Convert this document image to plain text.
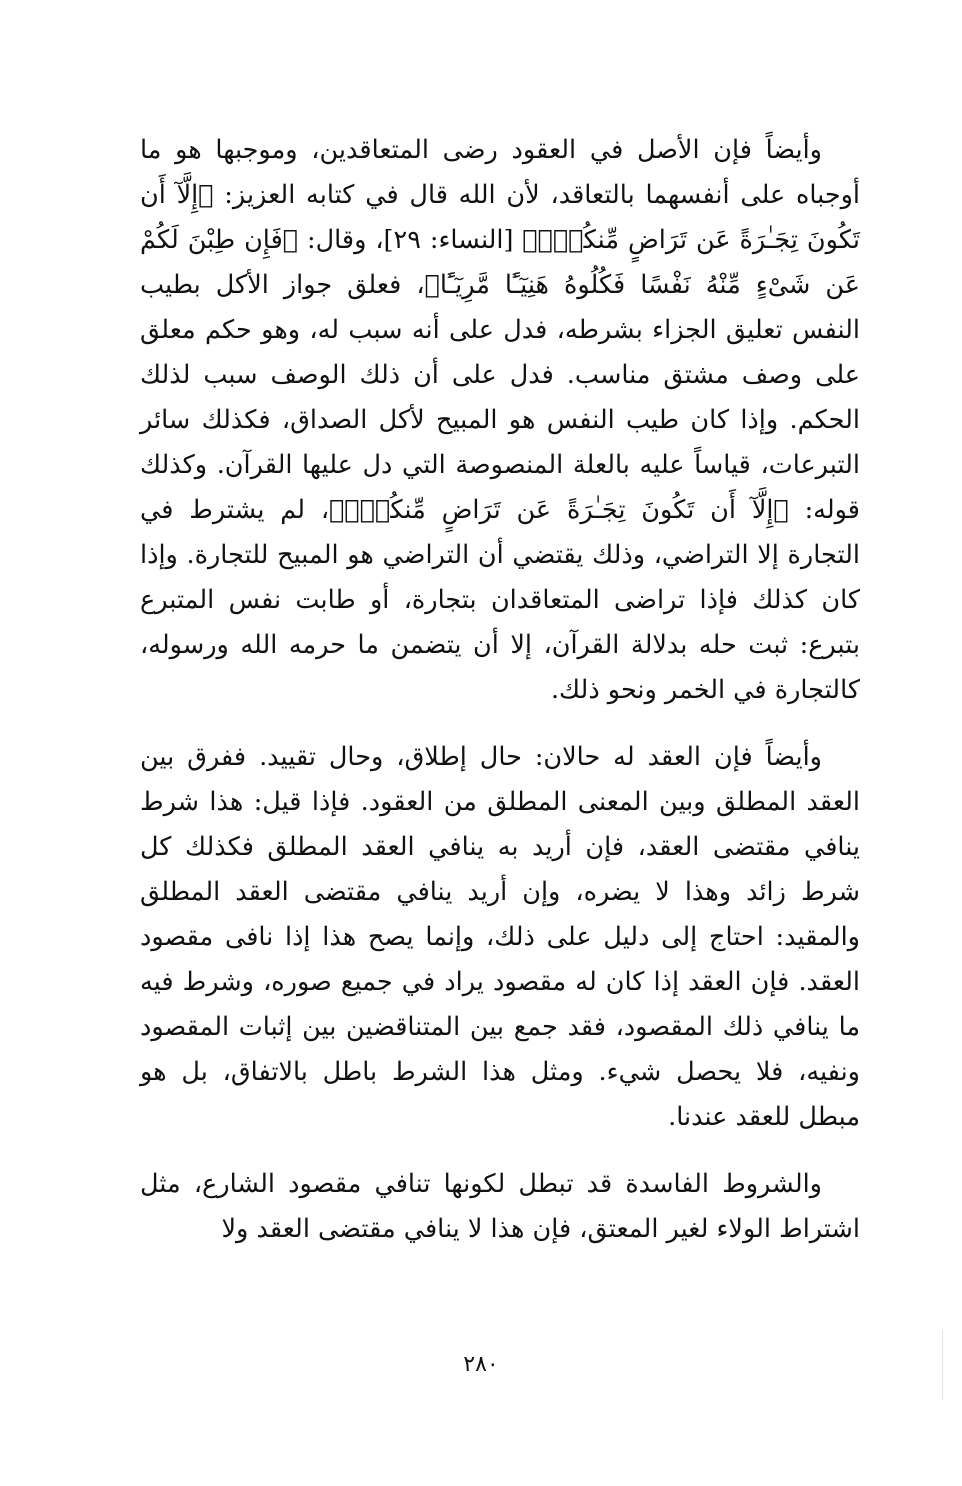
وأيضاً فإن الأصل في العقود رضى المتعاقدين، وموجبها هو ما أوجباه على أنفسهما بالتعاقد، لأن الله قال في كتابه العزيز: ﴿إِلَّآ أَن تَكُونَ تِجَـٰرَةً عَن تَرَاضٍ مِّنكُمْۚ﴾ [النساء: ٢٩]، وقال: ﴿فَإِن طِبْنَ لَكُمْ عَن شَىْءٍ مِّنْهُ نَفْسًا فَكُلُوهُ هَنِيٓـًٔا مَّرِيٓـًٔا﴾، فعلق جواز الأكل بطيب النفس تعليق الجزاء بشرطه، فدل على أنه سبب له، وهو حكم معلق على وصف مشتق مناسب. فدل على أن ذلك الوصف سبب لذلك الحكم. وإذا كان طيب النفس هو المبيح لأكل الصداق، فكذلك سائر التبرعات، قياساً عليه بالعلة المنصوصة التي دل عليها القرآن. وكذلك قوله: ﴿إِلَّآ أَن تَكُونَ تِجَـٰرَةً عَن تَرَاضٍ مِّنكُمْۚ﴾، لم يشترط في التجارة إلا التراضي، وذلك يقتضي أن التراضي هو المبيح للتجارة. وإذا كان كذلك فإذا تراضى المتعاقدان بتجارة، أو طابت نفس المتبرع بتبرع: ثبت حله بدلالة القرآن، إلا أن يتضمن ما حرمه الله ورسوله، كالتجارة في الخمر ونحو ذلك.

وأيضاً فإن العقد له حالان: حال إطلاق، وحال تقييد. ففرق بين العقد المطلق وبين المعنى المطلق من العقود. فإذا قيل: هذا شرط ينافي مقتضى العقد، فإن أريد به ينافي العقد المطلق فكذلك كل شرط زائد وهذا لا يضره، وإن أريد ينافي مقتضى العقد المطلق والمقيد: احتاج إلى دليل على ذلك، وإنما يصح هذا إذا نافى مقصود العقد. فإن العقد إذا كان له مقصود يراد في جميع صوره، وشرط فيه ما ينافي ذلك المقصود، فقد جمع بين المتناقضين بين إثبات المقصود ونفيه، فلا يحصل شيء. ومثل هذا الشرط باطل بالاتفاق، بل هو مبطل للعقد عندنا.

والشروط الفاسدة قد تبطل لكونها تنافي مقصود الشارع، مثل اشتراط الولاء لغير المعتق، فإن هذا لا ينافي مقتضى العقد ولا

٢٨٠
